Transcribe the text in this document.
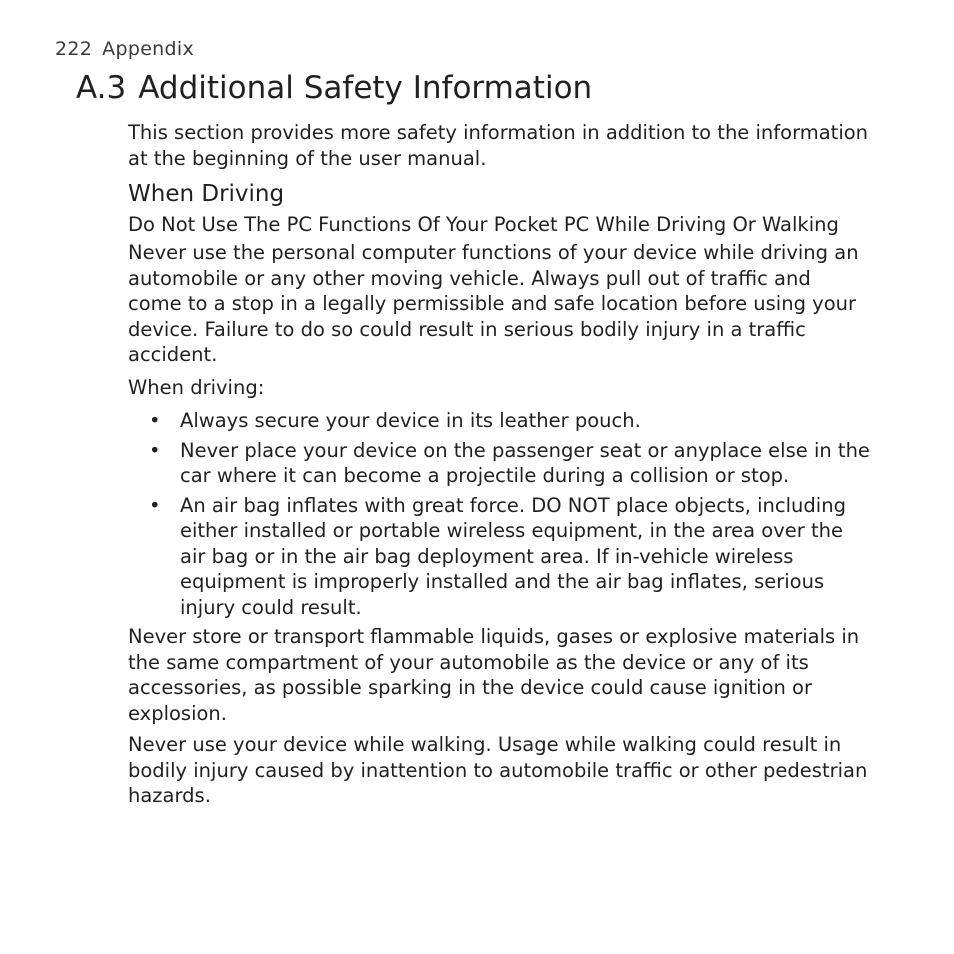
222 Appendix
A.3 Additional Safety Information

This section provides more safety information in addition to the information at the beginning of the user manual.

When Driving
Do Not Use The PC Functions Of Your Pocket PC While Driving Or Walking

Never use the personal computer functions of your device while driving an automobile or any other moving vehicle. Always pull out of traffic and come to a stop in a legally permissible and safe location before using your device. Failure to do so could result in serious bodily injury in a traffic accident.

When driving:

• Always secure your device in its leather pouch.
• Never place your device on the passenger seat or anyplace else in the car where it can become a projectile during a collision or stop.
• An air bag inflates with great force. DO NOT place objects, including either installed or portable wireless equipment, in the area over the air bag or in the air bag deployment area. If in-vehicle wireless equipment is improperly installed and the air bag inflates, serious injury could result.

Never store or transport flammable liquids, gases or explosive materials in the same compartment of your automobile as the device or any of its accessories, as possible sparking in the device could cause ignition or explosion.

Never use your device while walking. Usage while walking could result in bodily injury caused by inattention to automobile traffic or other pedestrian hazards.
